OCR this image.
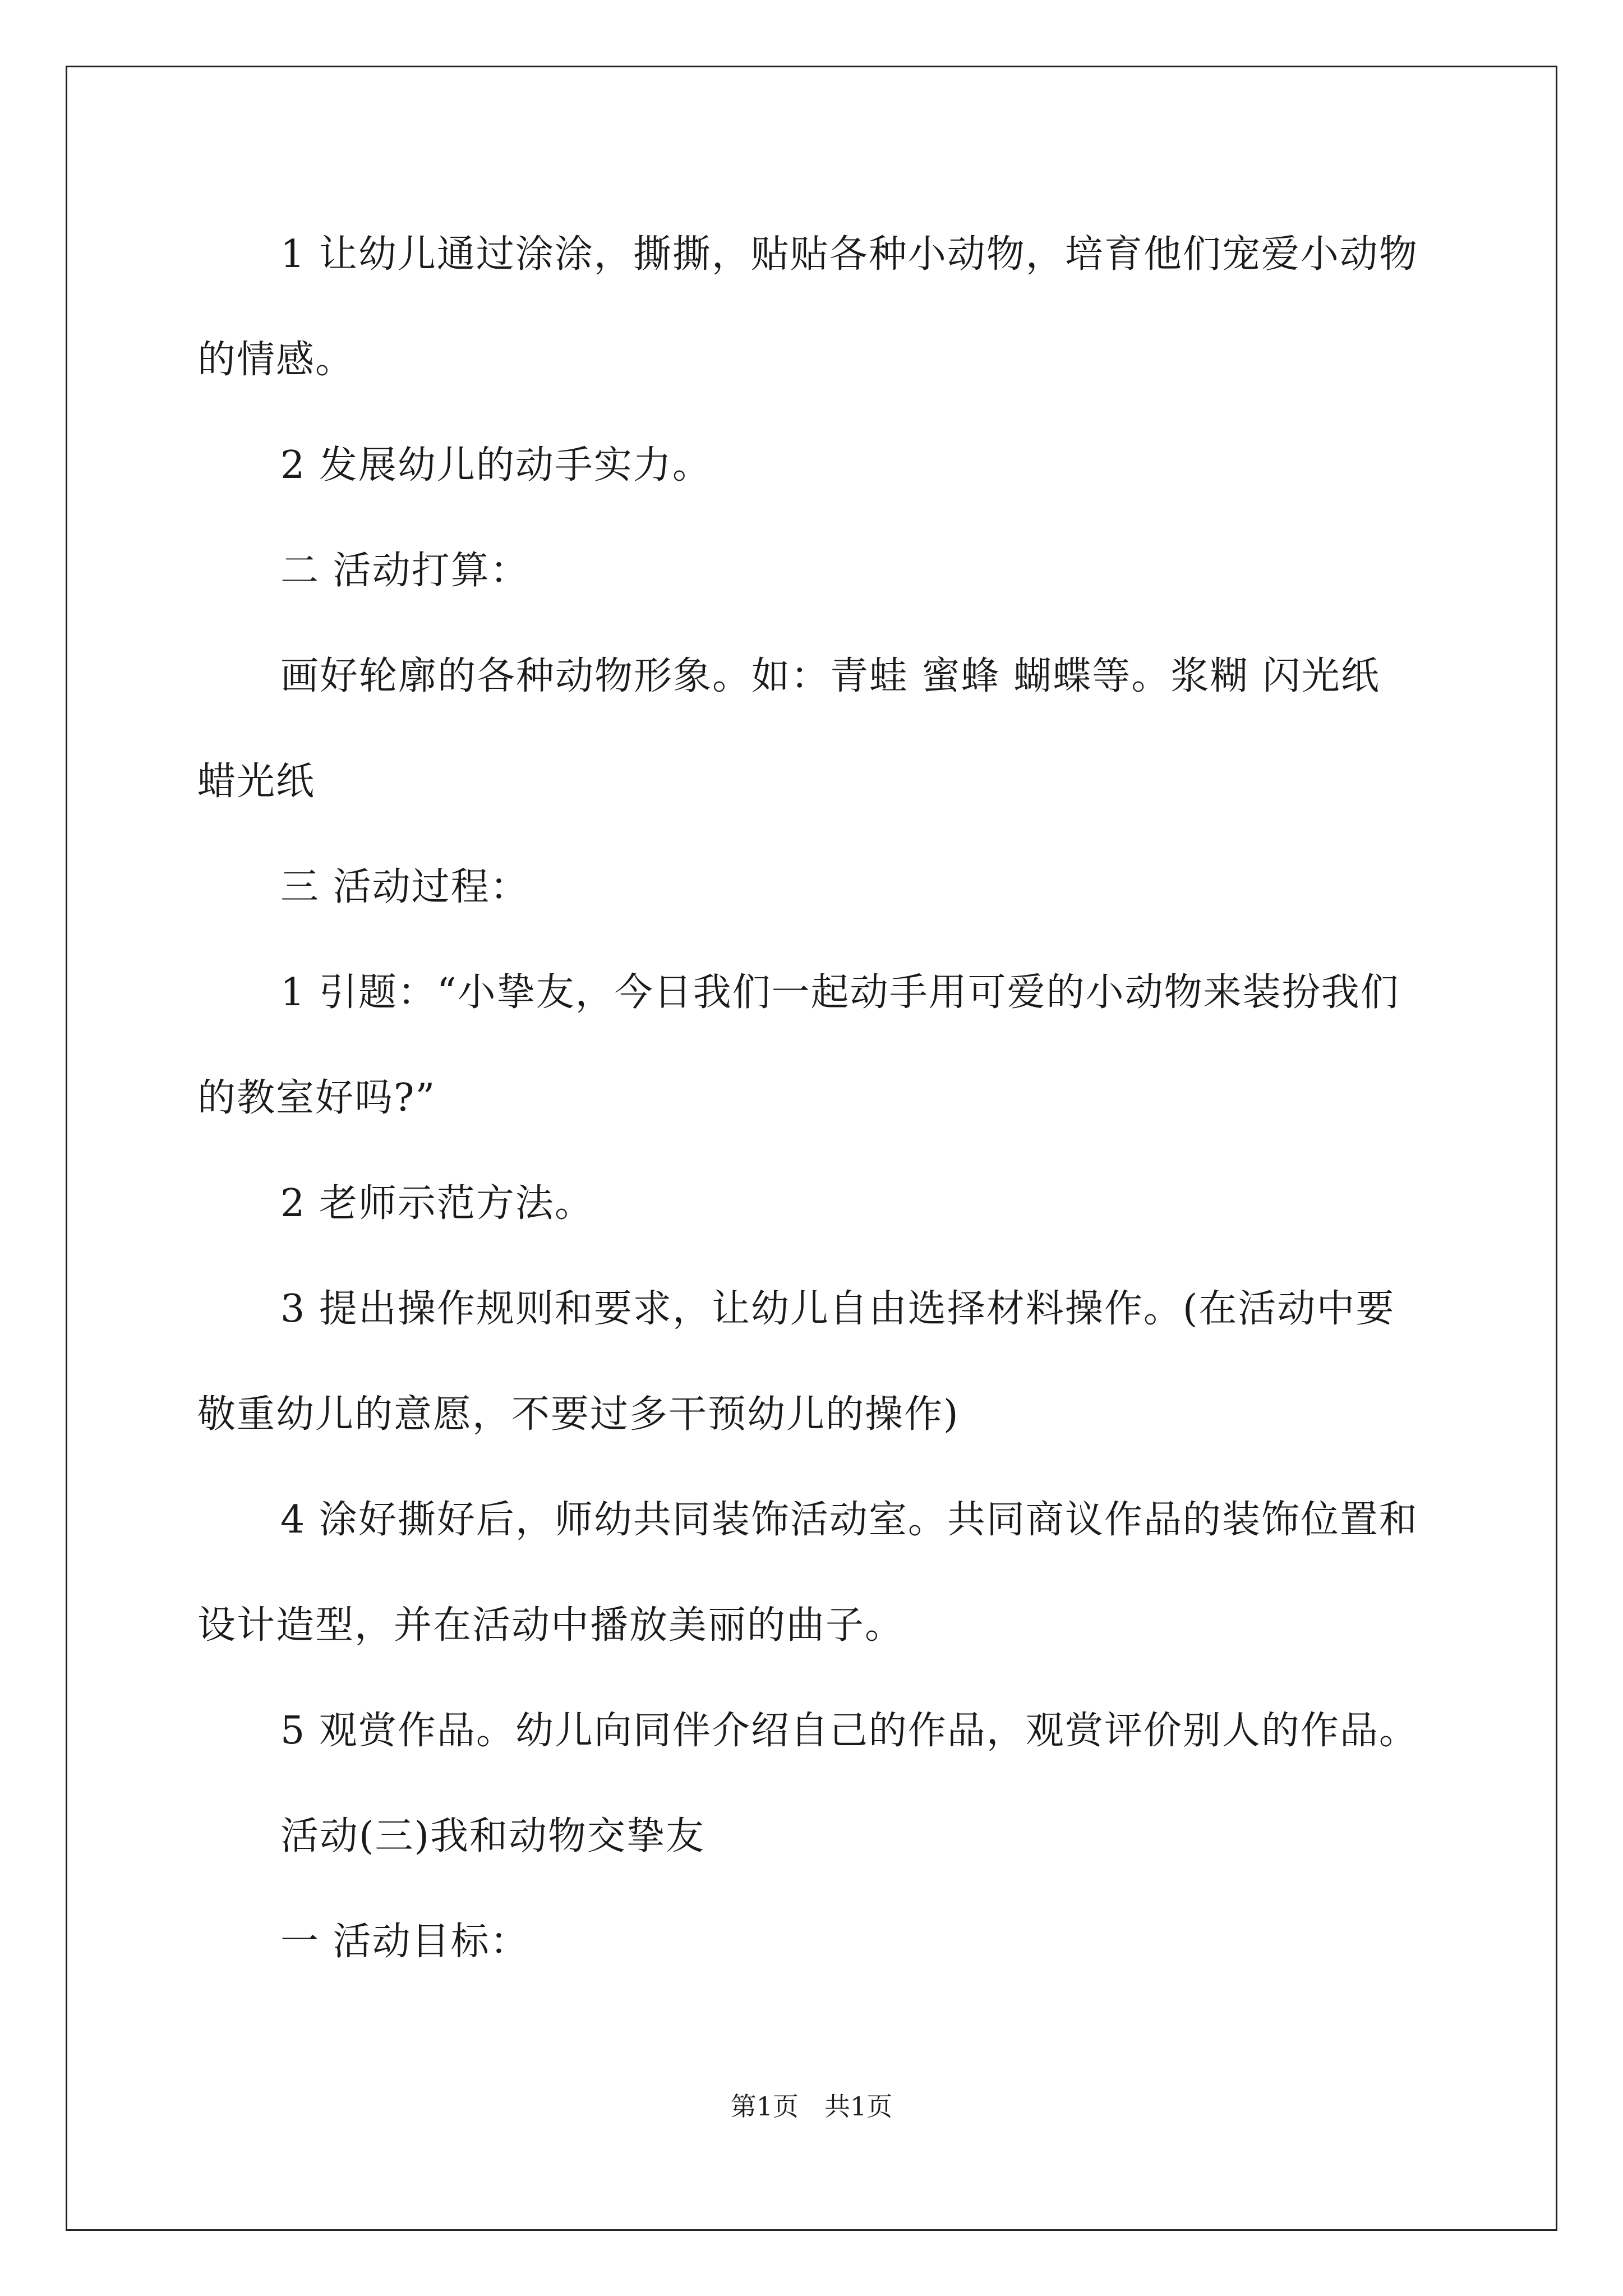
1 让幼儿通过涂涂，撕撕，贴贴各种小动物，培育他们宠爱小动物的情感。

2 发展幼儿的动手实力。

二 活动打算：

画好轮廓的各种动物形象。如：青蛙 蜜蜂 蝴蝶等。浆糊 闪光纸 蜡光纸

三 活动过程：

1 引题：“小挚友，今日我们一起动手用可爱的小动物来装扮我们的教室好吗?”

2 老师示范方法。

3 提出操作规则和要求，让幼儿自由选择材料操作。(在活动中要敬重幼儿的意愿，不要过多干预幼儿的操作)

4 涂好撕好后，师幼共同装饰活动室。共同商议作品的装饰位置和设计造型，并在活动中播放美丽的曲子。

5 观赏作品。幼儿向同伴介绍自己的作品，观赏评价别人的作品。

活动(三)我和动物交挚友

一 活动目标：

第1页　共1页
